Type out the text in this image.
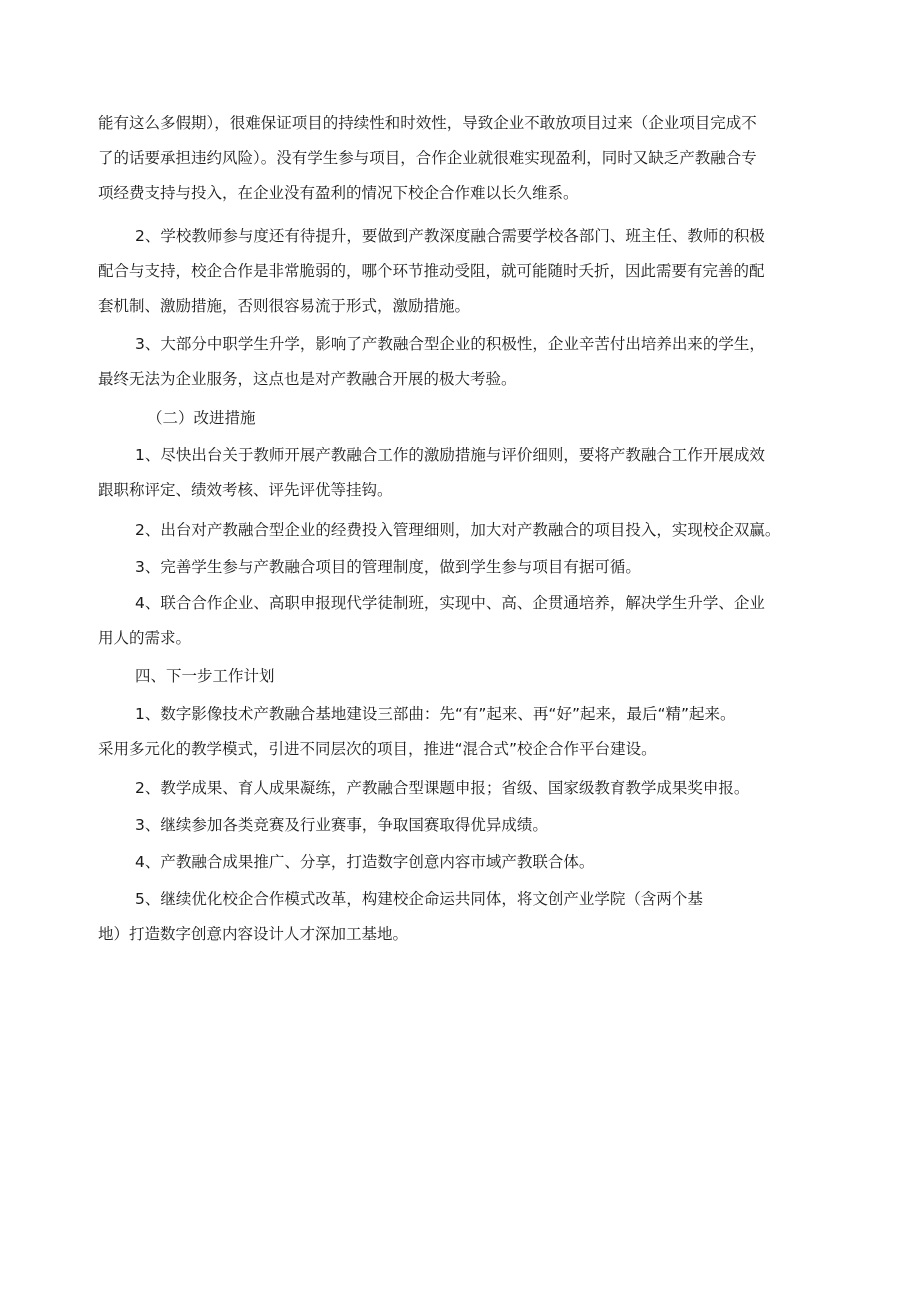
能有这么多假期），很难保证项目的持续性和时效性，导致企业不敢放项目过来（企业项目完成不
了的话要承担违约风险）。没有学生参与项目，合作企业就很难实现盈利，同时又缺乏产教融合专
项经费支持与投入，在企业没有盈利的情况下校企合作难以长久维系。

2、学校教师参与度还有待提升，要做到产教深度融合需要学校各部门、班主任、教师的积极
配合与支持，校企合作是非常脆弱的，哪个环节推动受阻，就可能随时夭折，因此需要有完善的配
套机制、激励措施，否则很容易流于形式，激励措施。

3、大部分中职学生升学，影响了产教融合型企业的积极性，企业辛苦付出培养出来的学生，
最终无法为企业服务，这点也是对产教融合开展的极大考验。

（二）改进措施

1、尽快出台关于教师开展产教融合工作的激励措施与评价细则，要将产教融合工作开展成效
跟职称评定、绩效考核、评先评优等挂钩。

2、出台对产教融合型企业的经费投入管理细则，加大对产教融合的项目投入，实现校企双赢。

3、完善学生参与产教融合项目的管理制度，做到学生参与项目有据可循。

4、联合合作企业、高职申报现代学徒制班，实现中、高、企贯通培养，解决学生升学、企业
用人的需求。

四、下一步工作计划

1、数字影像技术产教融合基地建设三部曲：先“有”起来、再“好”起来，最后“精”起来。
采用多元化的教学模式，引进不同层次的项目，推进“混合式”校企合作平台建设。

2、教学成果、育人成果凝练，产教融合型课题申报；省级、国家级教育教学成果奖申报。

3、继续参加各类竞赛及行业赛事，争取国赛取得优异成绩。

4、产教融合成果推广、分享，打造数字创意内容市域产教联合体。

5、继续优化校企合作模式改革，构建校企命运共同体，将文创产业学院（含两个基
地）打造数字创意内容设计人才深加工基地。
